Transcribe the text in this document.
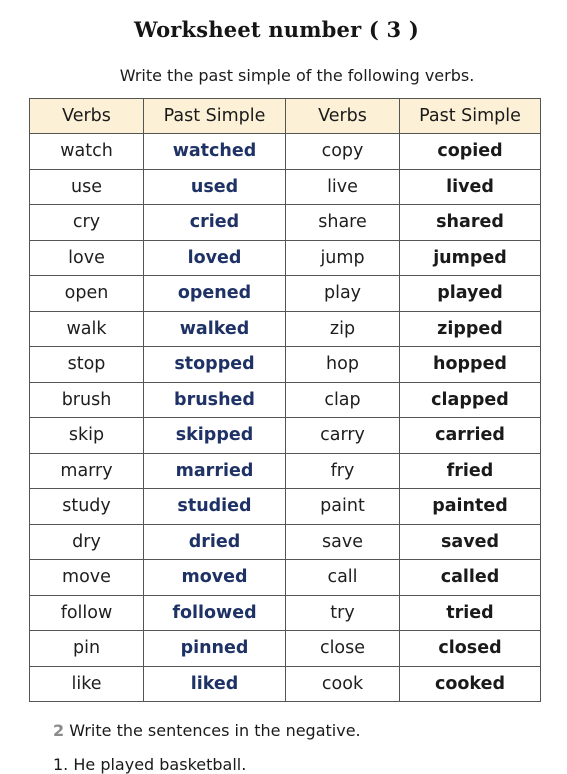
Worksheet number ( 3 )
Write the past simple of the following verbs.
Verbs	Past Simple	Verbs	Past Simple
watch	watched	copy	copied
use	used	live	lived
cry	cried	share	shared
love	loved	jump	jumped
open	opened	play	played
walk	walked	zip	zipped
stop	stopped	hop	hopped
brush	brushed	clap	clapped
skip	skipped	carry	carried
marry	married	fry	fried
study	studied	paint	painted
dry	dried	save	saved
move	moved	call	called
follow	followed	try	tried
pin	pinned	close	closed
like	liked	cook	cooked
2 Write the sentences in the negative.
1. He played basketball.
